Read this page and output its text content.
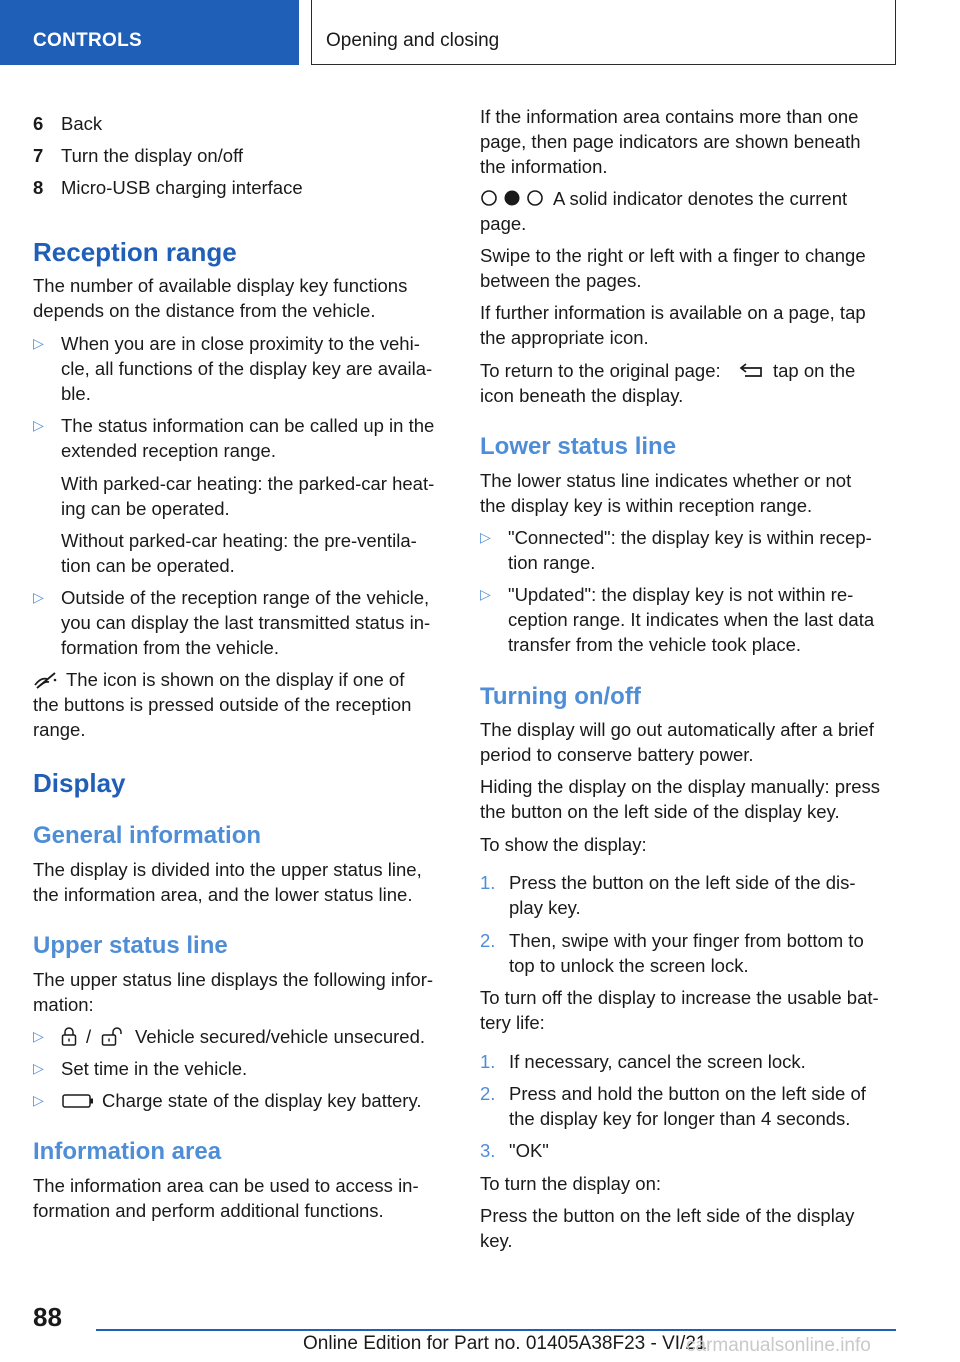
CONTROLS	Opening and closing
6 Back
7 Turn the display on/off
8 Micro-USB charging interface
Reception range
The number of available display key functions
depends on the distance from the vehicle.
▷ When you are in close proximity to the vehi-
cle, all functions of the display key are availa-
ble.
▷ The status information can be called up in the
extended reception range.
With parked-car heating: the parked-car heat-
ing can be operated.
Without parked-car heating: the pre-ventila-
tion can be operated.
▷ Outside of the reception range of the vehicle,
you can display the last transmitted status in-
formation from the vehicle.
The icon is shown on the display if one of
the buttons is pressed outside of the reception
range.
Display
General information
The display is divided into the upper status line,
the information area, and the lower status line.
Upper status line
The upper status line displays the following infor-
mation:
▷ / Vehicle secured/vehicle unsecured.
▷ Set time in the vehicle.
▷	Charge state of the display key battery.
Information area
The information area can be used to access in-
formation and perform additional functions.
If the information area contains more than one
page, then page indicators are shown beneath
the information.
A solid indicator denotes the current
page.
Swipe to the right or left with a finger to change
between the pages.
If further information is available on a page, tap
the appropriate icon.
To return to the original page:	tap on the
icon beneath the display.
Lower status line
The lower status line indicates whether or not
the display key is within reception range.
▷ "Connected": the display key is within recep-
tion range.
▷ "Updated": the display key is not within re-
ception range. It indicates when the last data
transfer from the vehicle took place.
Turning on/off
The display will go out automatically after a brief
period to conserve battery power.
Hiding the display on the display manually: press
the button on the left side of the display key.
To show the display:
1. Press the button on the left side of the dis-
play key.
2. Then, swipe with your finger from bottom to
top to unlock the screen lock.
To turn off the display to increase the usable bat-
tery life:
1. If necessary, cancel the screen lock.
2. Press and hold the button on the left side of
the display key for longer than 4 seconds.
3. "OK"
To turn the display on:
Press the button on the left side of the display
key.
88
Online Edition for Part no. 01405A38F23 - VI/21
carmanualsonline.info
